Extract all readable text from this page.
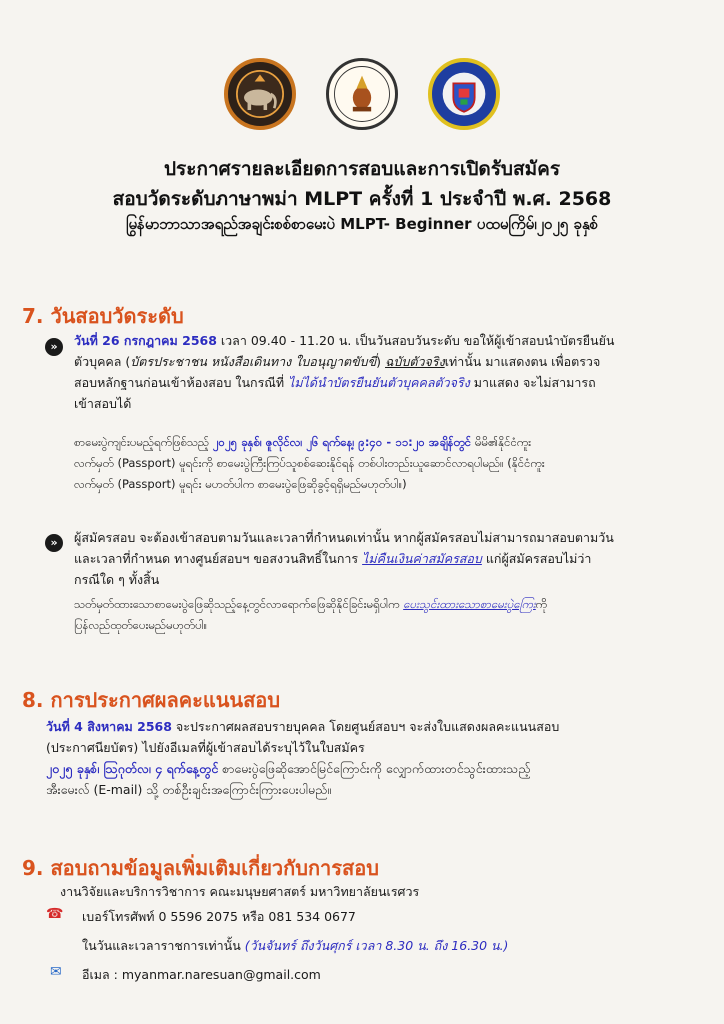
ประกาศรายละเอียดการสอบและการเปิดรับสมัคร
สอบวัดระดับภาษาพม่า MLPT ครั้งที่ 1 ประจำปี พ.ศ. 2568
မြန်မာဘာသာအရည်အချင်းစစ်စာမေးပွဲ MLPT- Beginner ပထမကြိမ်၊၂၀၂၅ ခုနှစ်
7. วันสอบวัดระดับ
»	วันที่ 26 กรกฎาคม 2568 เวลา 09.40 - 11.20 น. เป็นวันสอบวันระดับ ขอให้ผู้เข้าสอบนำบัตรยืนยัน
ตัวบุคคล (บัตรประชาชน หนังสือเดินทาง ใบอนุญาตขับขี่) ฉบับตัวจริงเท่านั้น มาแสดงตน เพื่อตรวจ
สอบหลักฐานก่อนเข้าห้องสอบ ในกรณีที่ ไม่ได้นำบัตรยืนยันตัวบุคคลตัวจริง มาแสดง จะไม่สามารถ
เข้าสอบได้
စာမေးပွဲကျင်းပမည့်ရက်ဖြစ်သည့် ၂၀၂၅ ခုနှစ်၊ ဇူလိုင်လ၊ ၂၆ ရက်နေ့၊ ၉:၄၀ - ၁၁:၂၀ အချိန်တွင် မိမိ၏နိုင်ငံကူး
လက်မှတ် (Passport) မူရင်းကို စာမေးပွဲကြီးကြပ်သူစစ်ဆေးနိုင်ရန် တစ်ပါးတည်းယူဆောင်လာရပါမည်။ (နိုင်ငံကူး
လက်မှတ် (Passport) မူရင်း မပာတ်ပါက စာမေးပွဲဖြေဆိုခွင့်ရရှိမည်မဟုတ်ပါ။)
»	ผู้สมัครสอบ จะต้องเข้าสอบตามวันและเวลาที่กำหนดเท่านั้น หากผู้สมัครสอบไม่สามารถมาสอบตามวัน
และเวลาที่กำหนด ทางศูนย์สอบฯ ขอสงวนสิทธิ์ในการ ไม่คืนเงินค่าสมัครสอบ แก่ผู้สมัครสอบไม่ว่า
กรณีใด ๆ ทั้งสิ้น
သတ်မှတ်ထားသောစာမေးပွဲဖြေဆိုသည့်နေ့တွင်လာရောက်ဖြေဆိုနိုင်ခြင်းမရှိပါက ပေးသွင်းထားသောစာမေးပွဲကြေးကို
ပြန်လည်ထုတ်ပေးမည်မဟုတ်ပါ။
8. การประกาศผลคะแนนสอบ
วันที่ 4 สิงหาคม 2568 จะประกาศผลสอบรายบุคคล โดยศูนย์สอบฯ จะส่งใบแสดงผลคะแนนสอบ
(ประกาศนียบัตร) ไปยังอีเมลที่ผู้เข้าสอบได้ระบุไว้ในใบสมัคร
၂၀၂၅ ခုနှစ်၊ ဩဂုတ်လ၊ ၄ ရက်နေ့တွင် စာမေးပွဲဖြေဆိုအောင်မြင်ကြောင်းကို လျှောက်ထားတင်သွင်းထားသည့်
အီးမေးလ် (E-mail) သို့ တစ်ဦးချင်းအကြောင်းကြားပေးပါမည်။
9. สอบถามข้อมูลเพิ่มเติมเกี่ยวกับการสอบ
งานวิจัยและบริการวิชาการ คณะมนุษยศาสตร์ มหาวิทยาลัยนเรศวร
☎ เบอร์โทรศัพท์ 0 5596 2075 หรือ 081 534 0677
ในวันและเวลาราชการเท่านั้น (วันจันทร์ ถึงวันศุกร์ เวลา 8.30 น. ถึง 16.30 น.)
✉ อีเมล : myanmar.naresuan@gmail.com
